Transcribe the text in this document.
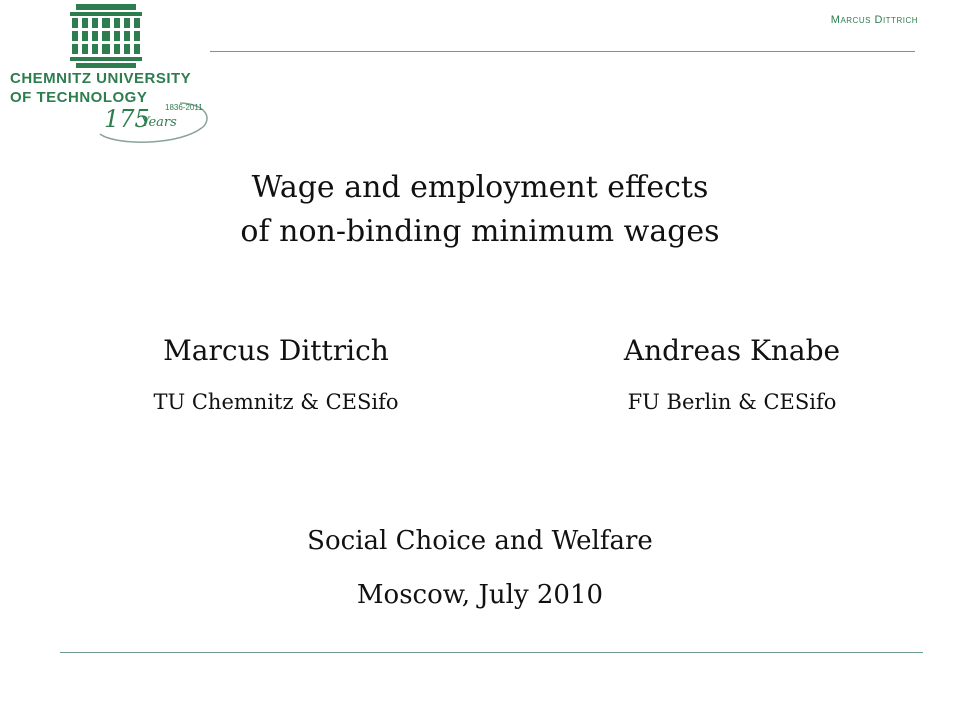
CHEMNITZ UNIVERSITY
OF TECHNOLOGY
175
Years
1836-2011
Marcus Dittrich
Wage and employment effects
of non-binding minimum wages
Marcus Dittrich
TU Chemnitz & CESifo
Andreas Knabe
FU Berlin & CESifo
Social Choice and Welfare
Moscow, July 2010
